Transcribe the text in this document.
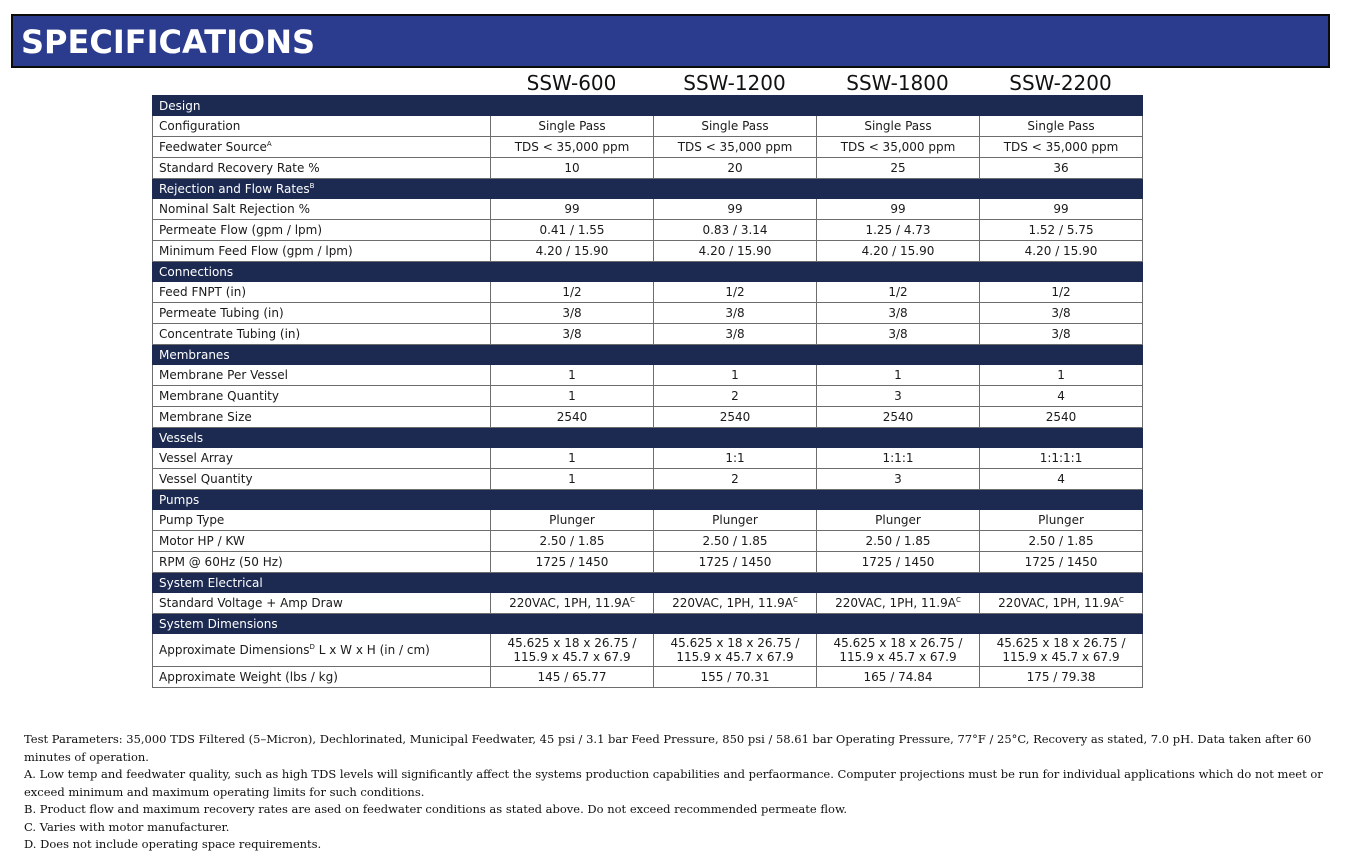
SPECIFICATIONS
SSW-600	SSW-1200	SSW-1800	SSW-2200
Design				
Configuration	Single Pass	Single Pass	Single Pass	Single Pass
Feedwater Source$^A$	TDS < 35,000 ppm	TDS < 35,000 ppm	TDS < 35,000 ppm	TDS < 35,000 ppm
Standard Recovery Rate %	10	20	25	36
Rejection and Flow Rates$^B$
Nominal Salt Rejection %	99	99	99	99
Permeate Flow (gpm / lpm)	0.41 / 1.55	0.83 / 3.14	1.25 / 4.73	1.52 / 5.75
Minimum Feed Flow (gpm / lpm)	4.20 / 15.90	4.20 / 15.90	4.20 / 15.90	4.20 / 15.90
Connections				
Feed FNPT (in)	1/2	1/2	1/2	1/2
Permeate Tubing (in)	3/8	3/8	3/8	3/8
Concentrate Tubing (in)	3/8	3/8	3/8	3/8
Membranes				
Membrane Per Vessel	1	1	1	1
Membrane Quantity	1	2	3	4
Membrane Size	2540	2540	2540	2540
Vessels				
Vessel Array	1	1:1	1:1:1	1:1:1:1
Vessel Quantity	1	2	3	4
Pumps				
Pump Type	Plunger	Plunger	Plunger	Plunger
Motor HP / KW	2.50 / 1.85	2.50 / 1.85	2.50 / 1.85	2.50 / 1.85
RPM @ 60Hz (50 Hz)	1725 / 1450	1725 / 1450	1725 / 1450	1725 / 1450
System Electrical				
Standard Voltage + Amp Draw	220VAC, 1PH, $11.9A^C$	220VAC, 1PH, $11.9A^C$	220VAC, 1PH, $11.9A^C$	220VAC, 1PH, $11.9A^C$
System Dimensions				
Approximate Dimensions$^D$ L x W x H (in / cm)	45.625 x 18 x 26.75 / 115.9 x 45.7 x 67.9	45.625 x 18 x 26.75 / 115.9 x 45.7 x 67.9	45.625 x 18 x 26.75 / 115.9 x 45.7 x 67.9	45.625 x 18 x 26.75 / 115.9 x 45.7 x 67.9
Approximate Weight (lbs / kg)	145 / 65.77	155 / 70.31	165 / 74.84	175 / 79.38

Test Parameters: 35,000 TDS Filtered (5–Micron), Dechlorinated, Municipal Feedwater, 45 psi / 3.1 bar Feed Pressure, 850 psi / 58.61 bar Operating Pressure, 77°F / 25°C, Recovery as stated, 7.0 pH. Data taken after 60 minutes of operation.

A. Low temp and feedwater quality, such as high TDS levels will significantly affect the systems production capabilities and perfaormance. Computer projections must be run for individual applications which do not meet or exceed minimum and maximum operating limits for such conditions.

B. Product flow and maximum recovery rates are ased on feedwater conditions as stated above. Do not exceed recommended permeate flow.

C. Varies with motor manufacturer.

D. Does not include operating space requirements.
